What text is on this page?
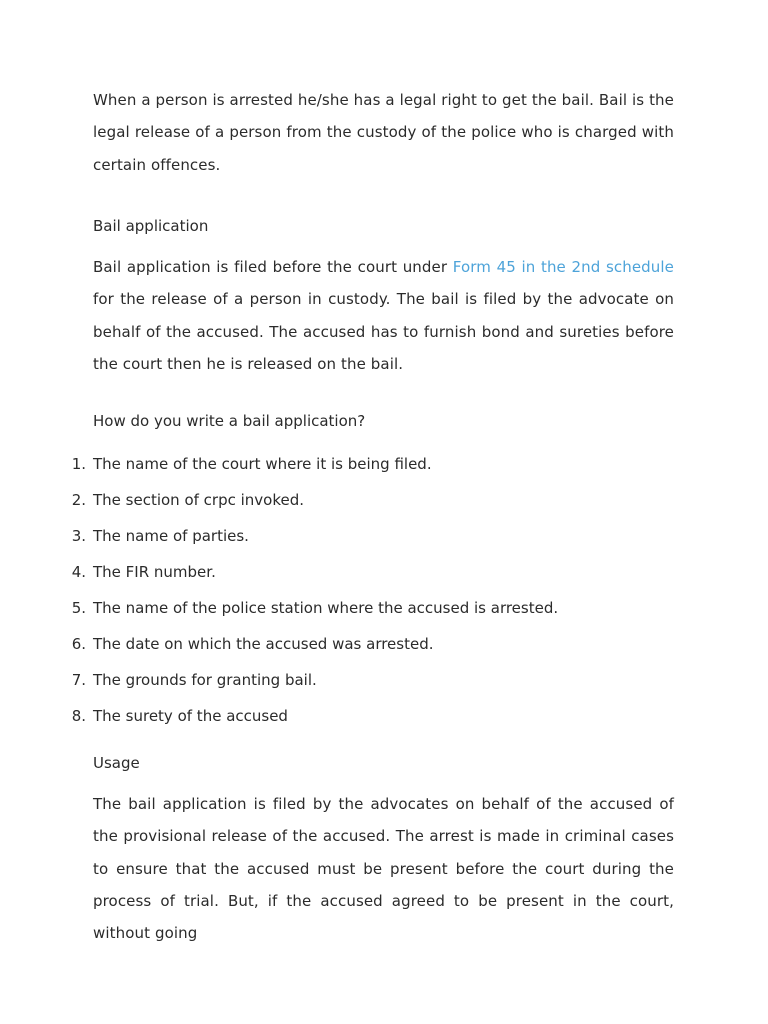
When a person is arrested he/she has a legal right to get the bail. Bail is the legal release of a person from the custody of the police who is charged with certain offences.

Bail application

Bail application is filed before the court under Form 45 in the 2nd schedule for the release of a person in custody. The bail is filed by the advocate on behalf of the accused. The accused has to furnish bond and sureties before the court then he is released on the bail.

How do you write a bail application?
1. The name of the court where it is being filed.
2. The section of crpc invoked.
3. The name of parties.
4. The FIR number.
5. The name of the police station where the accused is arrested.
6. The date on which the accused was arrested.
7. The grounds for granting bail.
8. The surety of the accused
Usage

The bail application is filed by the advocates on behalf of the accused of the provisional release of the accused. The arrest is made in criminal cases to ensure that the accused must be present before the court during the process of trial. But, if the accused agreed to be present in the court, without going
